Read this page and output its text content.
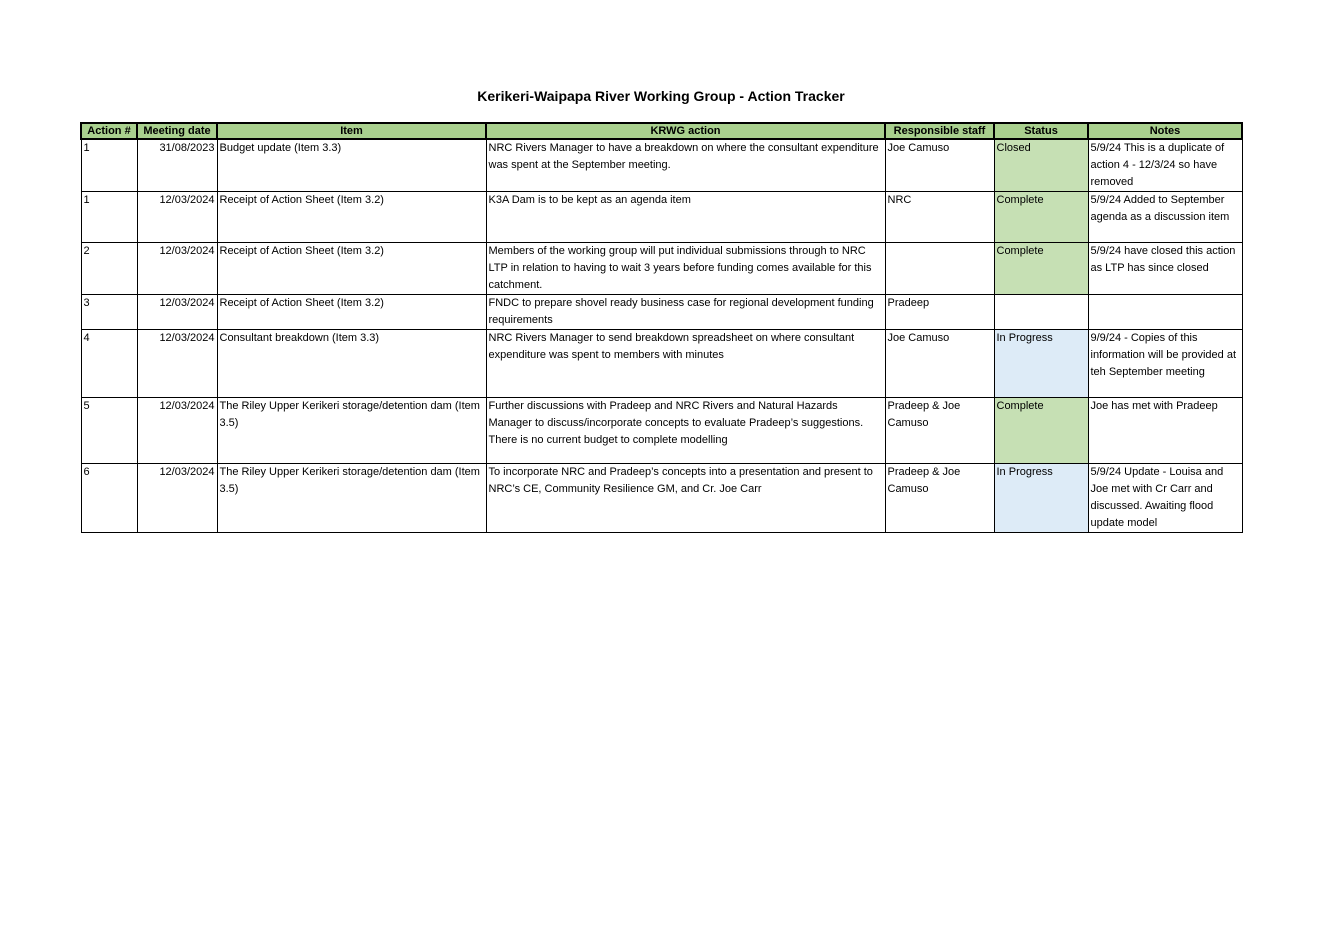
Kerikeri-Waipapa River Working Group - Action Tracker
Action #	Meeting date	Item	KRWG action	Responsible staff	Status	Notes
1	31/08/2023	Budget update (Item 3.3)	NRC Rivers Manager to have a breakdown on where the consultant expenditure was spent at the September meeting.	Joe Camuso	Closed	5/9/24 This is a duplicate of action 4 - 12/3/24 so have removed
1	12/03/2024	Receipt of Action Sheet (Item 3.2)	K3A Dam is to be kept as an agenda item	NRC	Complete	5/9/24 Added to September agenda as a discussion item
2	12/03/2024	Receipt of Action Sheet (Item 3.2)	Members of the working group will put individual submissions through to NRC LTP in relation to having to wait 3 years before funding comes available for this catchment.		Complete	5/9/24 have closed this action as LTP has since closed
3	12/03/2024	Receipt of Action Sheet (Item 3.2)	FNDC to prepare shovel ready business case for regional development funding requirements	Pradeep		
4	12/03/2024	Consultant breakdown (Item 3.3)	NRC Rivers Manager to send breakdown spreadsheet on where consultant expenditure was spent to members with minutes	Joe Camuso	In Progress	9/9/24 - Copies of this information will be provided at teh September meeting
5	12/03/2024	The Riley Upper Kerikeri storage/detention dam (Item 3.5)	Further discussions with Pradeep and NRC Rivers and Natural Hazards Manager to discuss/incorporate concepts to evaluate Pradeep’s suggestions. There is no current budget to complete modelling	Pradeep & Joe Camuso	Complete	Joe has met with Pradeep
6	12/03/2024	The Riley Upper Kerikeri storage/detention dam (Item 3.5)	To incorporate NRC and Pradeep’s concepts into a presentation and present to NRC’s CE, Community Resilience GM, and Cr. Joe Carr	Pradeep & Joe Camuso	In Progress	5/9/24 Update - Louisa and Joe met with Cr Carr and discussed. Awaiting flood update model
